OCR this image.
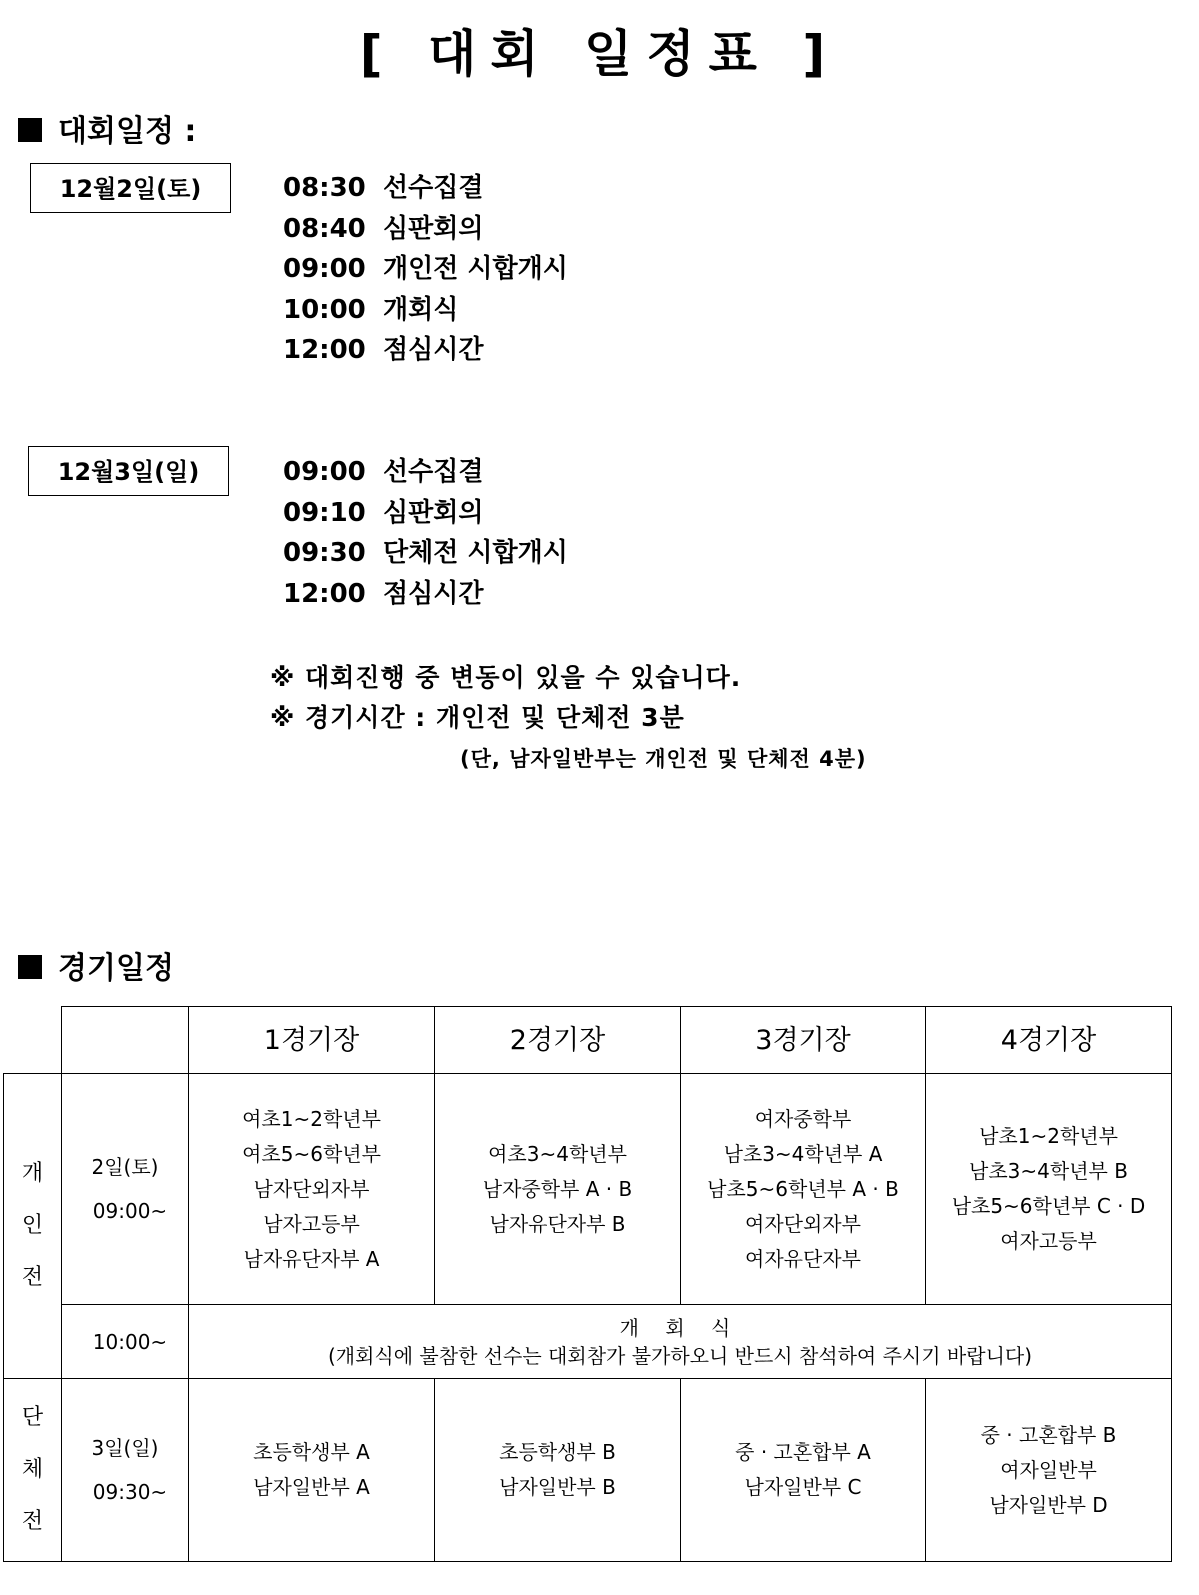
[ 대회 일정표 ]
대회일정 :
12월2일(토)	08:30 선수집결
08:40 심판회의
09:00 개인전 시합개시
10:00 개회식
12:00 점심시간
12월3일(일)	09:00 선수집결
09:10 심판회의
09:30 단체전 시합개시
12:00 점심시간
※ 대회진행 중 변동이 있을 수 있습니다.
※ 경기시간 : 개인전 및 단체전 3분
(단, 남자일반부는 개인전 및 단체전 4분)
경기일정
		1경기장	2경기장	3경기장	4경기장

개
인
전	2일(토)
09:00~	여초1~2학년부
여초5~6학년부
남자단외자부
남자고등부
남자유단자부 A	여초3~4학년부
남자중학부 A · B
남자유단자부 B	여자중학부
남초3~4학년부 A
남초5~6학년부 A · B
여자단외자부
여자유단자부	남초1~2학년부
남초3~4학년부 B
남초5~6학년부 C · D
여자고등부

	10:00~	개 회 식
(개회식에 불참한 선수는 대회참가 불가하오니 반드시 참석하여 주시기 바랍니다)			

단
체
전	3일(일)
09:30~	초등학생부 A
남자일반부 A	초등학생부 B
남자일반부 B	중 · 고혼합부 A
남자일반부 C	중 · 고혼합부 B
여자일반부
남자일반부 D
